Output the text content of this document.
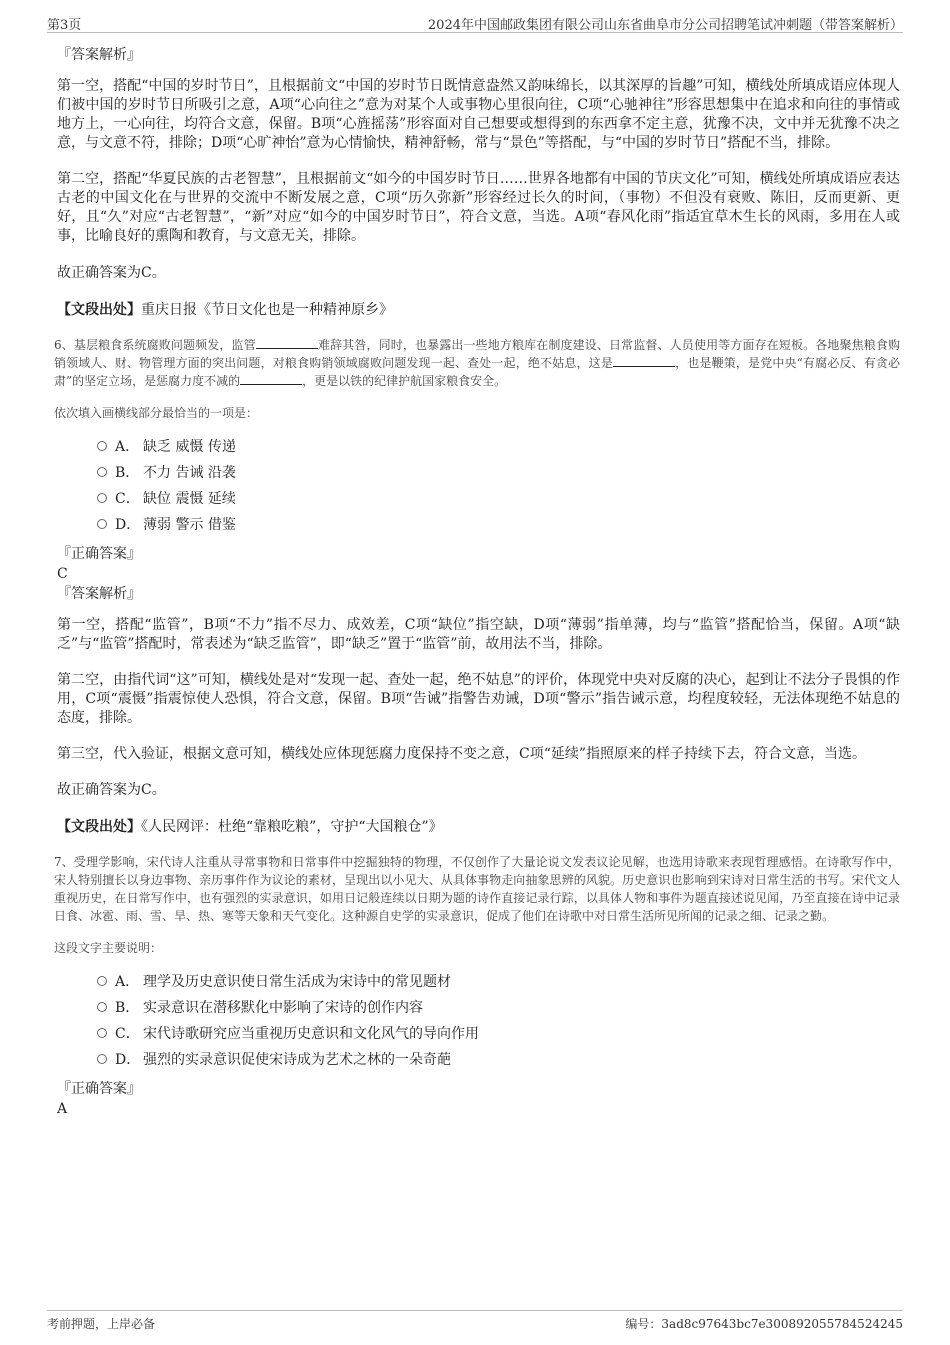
第3页	2024年中国邮政集团有限公司山东省曲阜市分公司招聘笔试冲刺题（带答案解析）

『答案解析』

第一空，搭配“中国的岁时节日”，且根据前文“中国的岁时节日既情意盎然又韵味绵长，以其深厚的旨趣”可知，横线处所填成语应体现人们被中国的岁时节日所吸引之意，A项“心向往之”意为对某个人或事物心里很向往，C项“心驰神往”形容思想集中在追求和向往的事情或地方上，一心向往，均符合文意，保留。B项“心旌摇荡”形容面对自己想要或想得到的东西拿不定主意，犹豫不决，文中并无犹豫不决之意，与文意不符，排除；D项“心旷神怡”意为心情愉快，精神舒畅，常与“景色”等搭配，与“中国的岁时节日”搭配不当，排除。

第二空，搭配“华夏民族的古老智慧”，且根据前文“如今的中国岁时节日……世界各地都有中国的节庆文化”可知，横线处所填成语应表达古老的中国文化在与世界的交流中不断发展之意，C项“历久弥新”形容经过长久的时间，（事物）不但没有衰败、陈旧，反而更新、更好，且“久”对应“古老智慧”，“新”对应“如今的中国岁时节日”，符合文意，当选。A项“春风化雨”指适宜草木生长的风雨，多用在人或事，比喻良好的熏陶和教育，与文意无关，排除。

故正确答案为C。

【文段出处】重庆日报《节日文化也是一种精神原乡》

6、基层粮食系统腐败问题频发，监管	难辞其咎，同时，也暴露出一些地方粮库在制度建设、日常监督、人员使用等方面存在短板。各地聚焦粮食购销领域人、财、物管理方面的突出问题，对粮食购销领域腐败问题发现一起、查处一起，绝不姑息，这是	，也是鞭策，是党中央“有腐必反、有贪必肃”的坚定立场，是惩腐力度不减的	，更是以铁的纪律护航国家粮食安全。

依次填入画横线部分最恰当的一项是：

A． 缺乏 威慑 传递
B． 不力 告诫 沿袭
C． 缺位 震慑 延续
D． 薄弱 警示 借鉴

『正确答案』

C

『答案解析』

第一空，搭配“监管”，B项“不力”指不尽力、成效差，C项“缺位”指空缺，D项“薄弱”指单薄，均与“监管”搭配恰当，保留。A项“缺乏”与“监管”搭配时，常表述为“缺乏监管”，即“缺乏”置于“监管”前，故用法不当，排除。

第二空，由指代词“这”可知，横线处是对“发现一起、查处一起，绝不姑息”的评价，体现党中央对反腐的决心，起到让不法分子畏惧的作用，C项“震慑”指震惊使人恐惧，符合文意，保留。B项“告诫”指警告劝诫，D项“警示”指告诫示意，均程度较轻，无法体现绝不姑息的态度，排除。

第三空，代入验证，根据文意可知，横线处应体现惩腐力度保持不变之意，C项“延续”指照原来的样子持续下去，符合文意，当选。

故正确答案为C。

【文段出处】《人民网评：杜绝“靠粮吃粮”，守护“大国粮仓”》

7、受理学影响，宋代诗人注重从寻常事物和日常事件中挖掘独特的物理，不仅创作了大量论说文发表议论见解，也选用诗歌来表现哲理感悟。在诗歌写作中，宋人特别擅长以身边事物、亲历事件作为议论的素材，呈现出以小见大、从具体事物走向抽象思辨的风貌。历史意识也影响到宋诗对日常生活的书写。宋代文人重视历史，在日常写作中，也有强烈的实录意识，如用日记般连续以日期为题的诗作直接记录行踪，以具体人物和事件为题直接述说见闻，乃至直接在诗中记录日食、冰雹、雨、雪、旱、热、寒等天象和天气变化。这种源自史学的实录意识，促成了他们在诗歌中对日常生活所见所闻的记录之细、记录之勤。

这段文字主要说明：

A． 理学及历史意识使日常生活成为宋诗中的常见题材
B． 实录意识在潜移默化中影响了宋诗的创作内容
C． 宋代诗歌研究应当重视历史意识和文化风气的导向作用
D． 强烈的实录意识促使宋诗成为艺术之林的一朵奇葩

『正确答案』

A

考前押题，上岸必备	编号：3ad8c97643bc7e300892055784524245
